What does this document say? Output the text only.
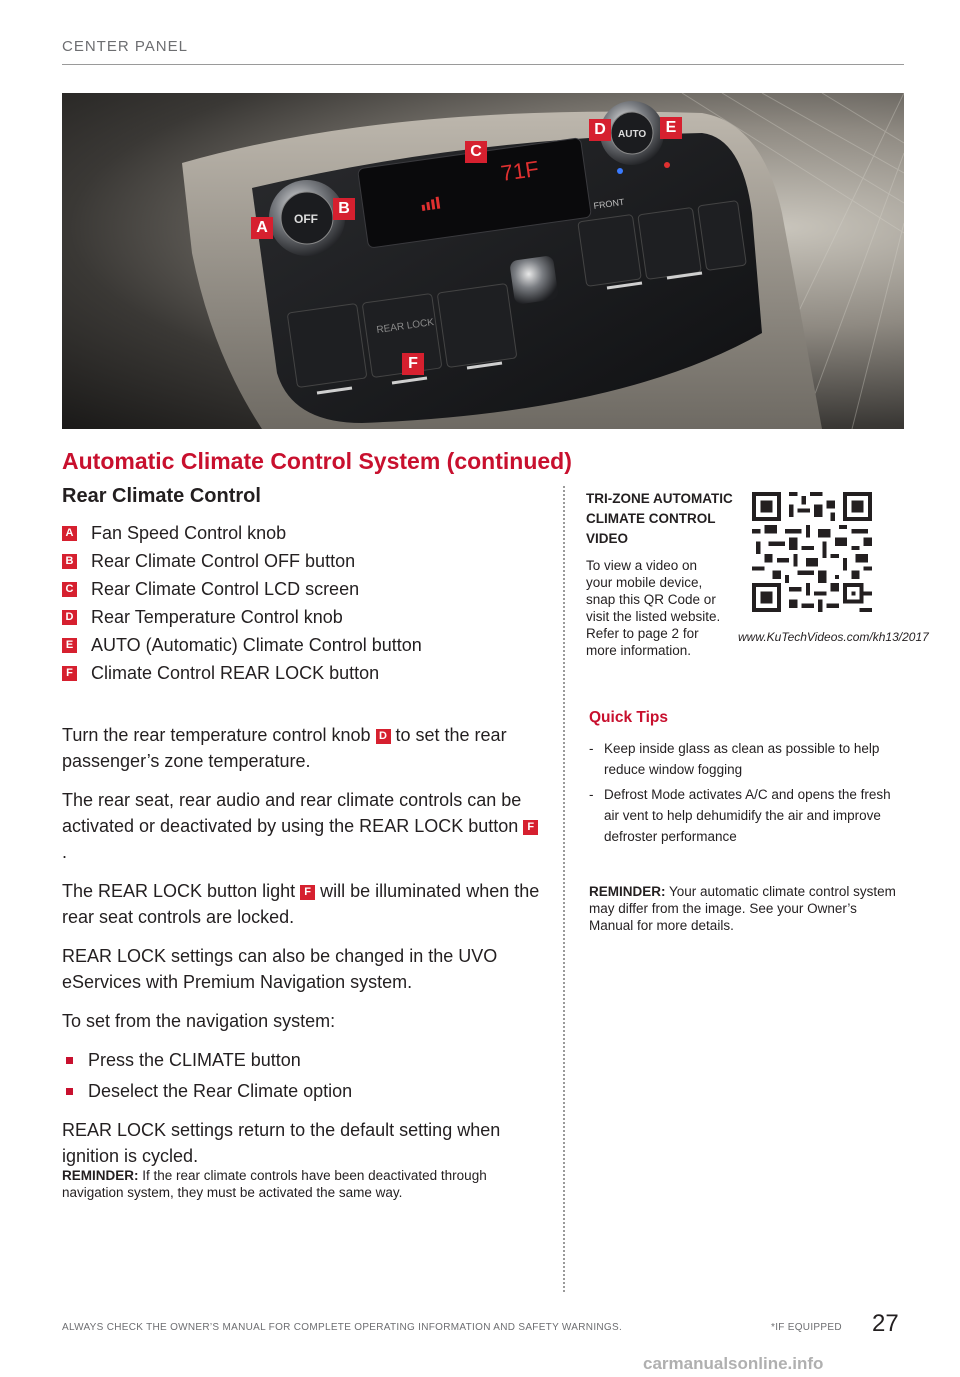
CENTER PANEL
71F
OFF
AUTO
FRONT
REAR LOCK
A
B
C
D	E
F
Automatic Climate Control System (continued)
Rear Climate Control
A Fan Speed Control knob
B Rear Climate Control OFF button
C Rear Climate Control LCD screen
D Rear Temperature Control knob
E AUTO (Automatic) Climate Control button
F Climate Control REAR LOCK button

Turn the rear temperature control knob D to set the rear passenger’s zone temperature.

The rear seat, rear audio and rear climate controls can be activated or deactivated by using the REAR LOCK button F.

The REAR LOCK button light F will be illuminated when the rear seat controls are locked.

REAR LOCK settings can also be changed in the UVO eServices with Premium Navigation system.

To set from the navigation system:

Press the CLIMATE button
Deselect the Rear Climate option

REAR LOCK settings return to the default setting when ignition is cycled.

REMINDER: If the rear climate controls have been deactivated through navigation system, they must be activated the same way.
TRI-ZONE AUTOMATIC CLIMATE CONTROL VIDEO
To view a video on your mobile device, snap this QR Code or visit the listed website. Refer to page 2 for more information.
www.KuTechVideos.com/kh13/2017
Quick Tips
- Keep inside glass as clean as possible to help reduce window fogging
- Defrost Mode activates A/C and opens the fresh air vent to help dehumidify the air and improve defroster performance
REMINDER: Your automatic climate control system may differ from the image. See your Owner’s Manual for more details.
ALWAYS CHECK THE OWNER’S MANUAL FOR COMPLETE OPERATING INFORMATION AND SAFETY WARNINGS.	*IF EQUIPPED 27
carmanualsonline.info
